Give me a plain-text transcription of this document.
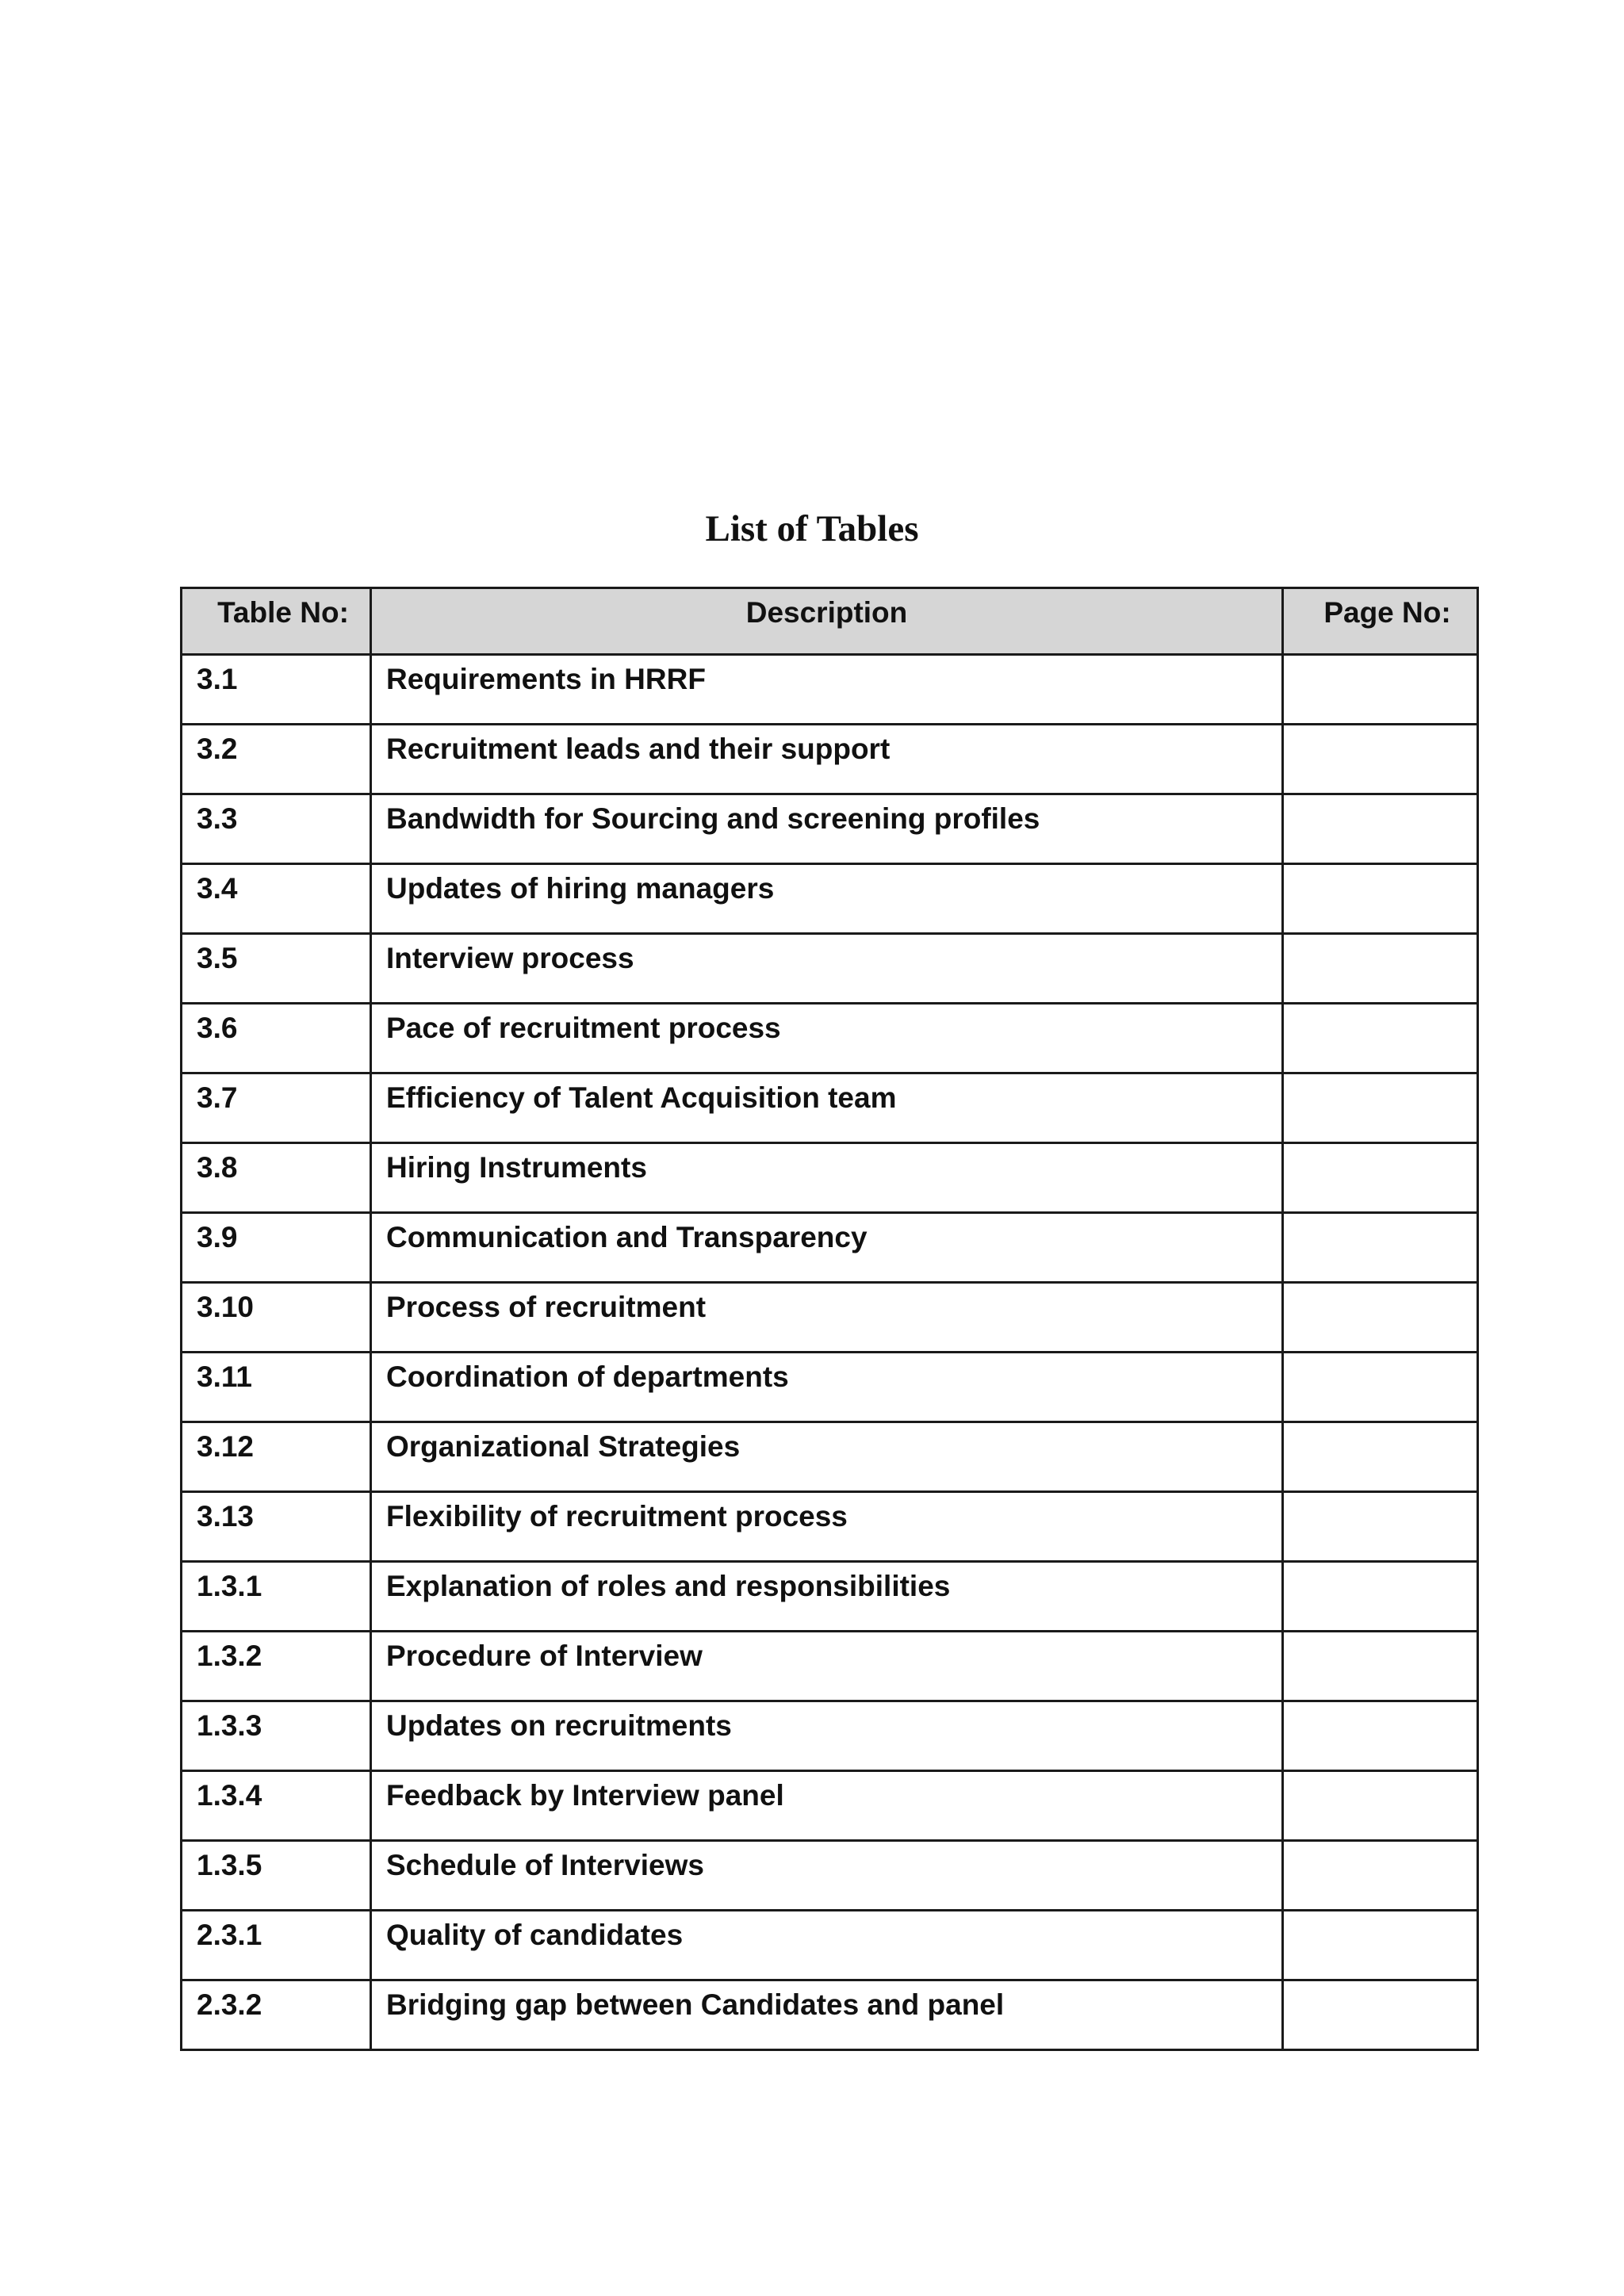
List of Tables
Table No:	Description	Page No:
3.1	Requirements in HRRF	
3.2	Recruitment leads and their support	
3.3	Bandwidth for Sourcing and screening profiles	
3.4	Updates of hiring managers	
3.5	Interview process	
3.6	Pace of recruitment process	
3.7	Efficiency of Talent Acquisition team	
3.8	Hiring Instruments	
3.9	Communication and Transparency	
3.10	Process of recruitment	
3.11	Coordination of departments	
3.12	Organizational Strategies	
3.13	Flexibility of recruitment process	
1.3.1	Explanation of roles and responsibilities	
1.3.2	Procedure of Interview	
1.3.3	Updates on recruitments	
1.3.4	Feedback by Interview panel	
1.3.5	Schedule of Interviews	
2.3.1	Quality of candidates	
2.3.2	Bridging gap between Candidates and panel	
